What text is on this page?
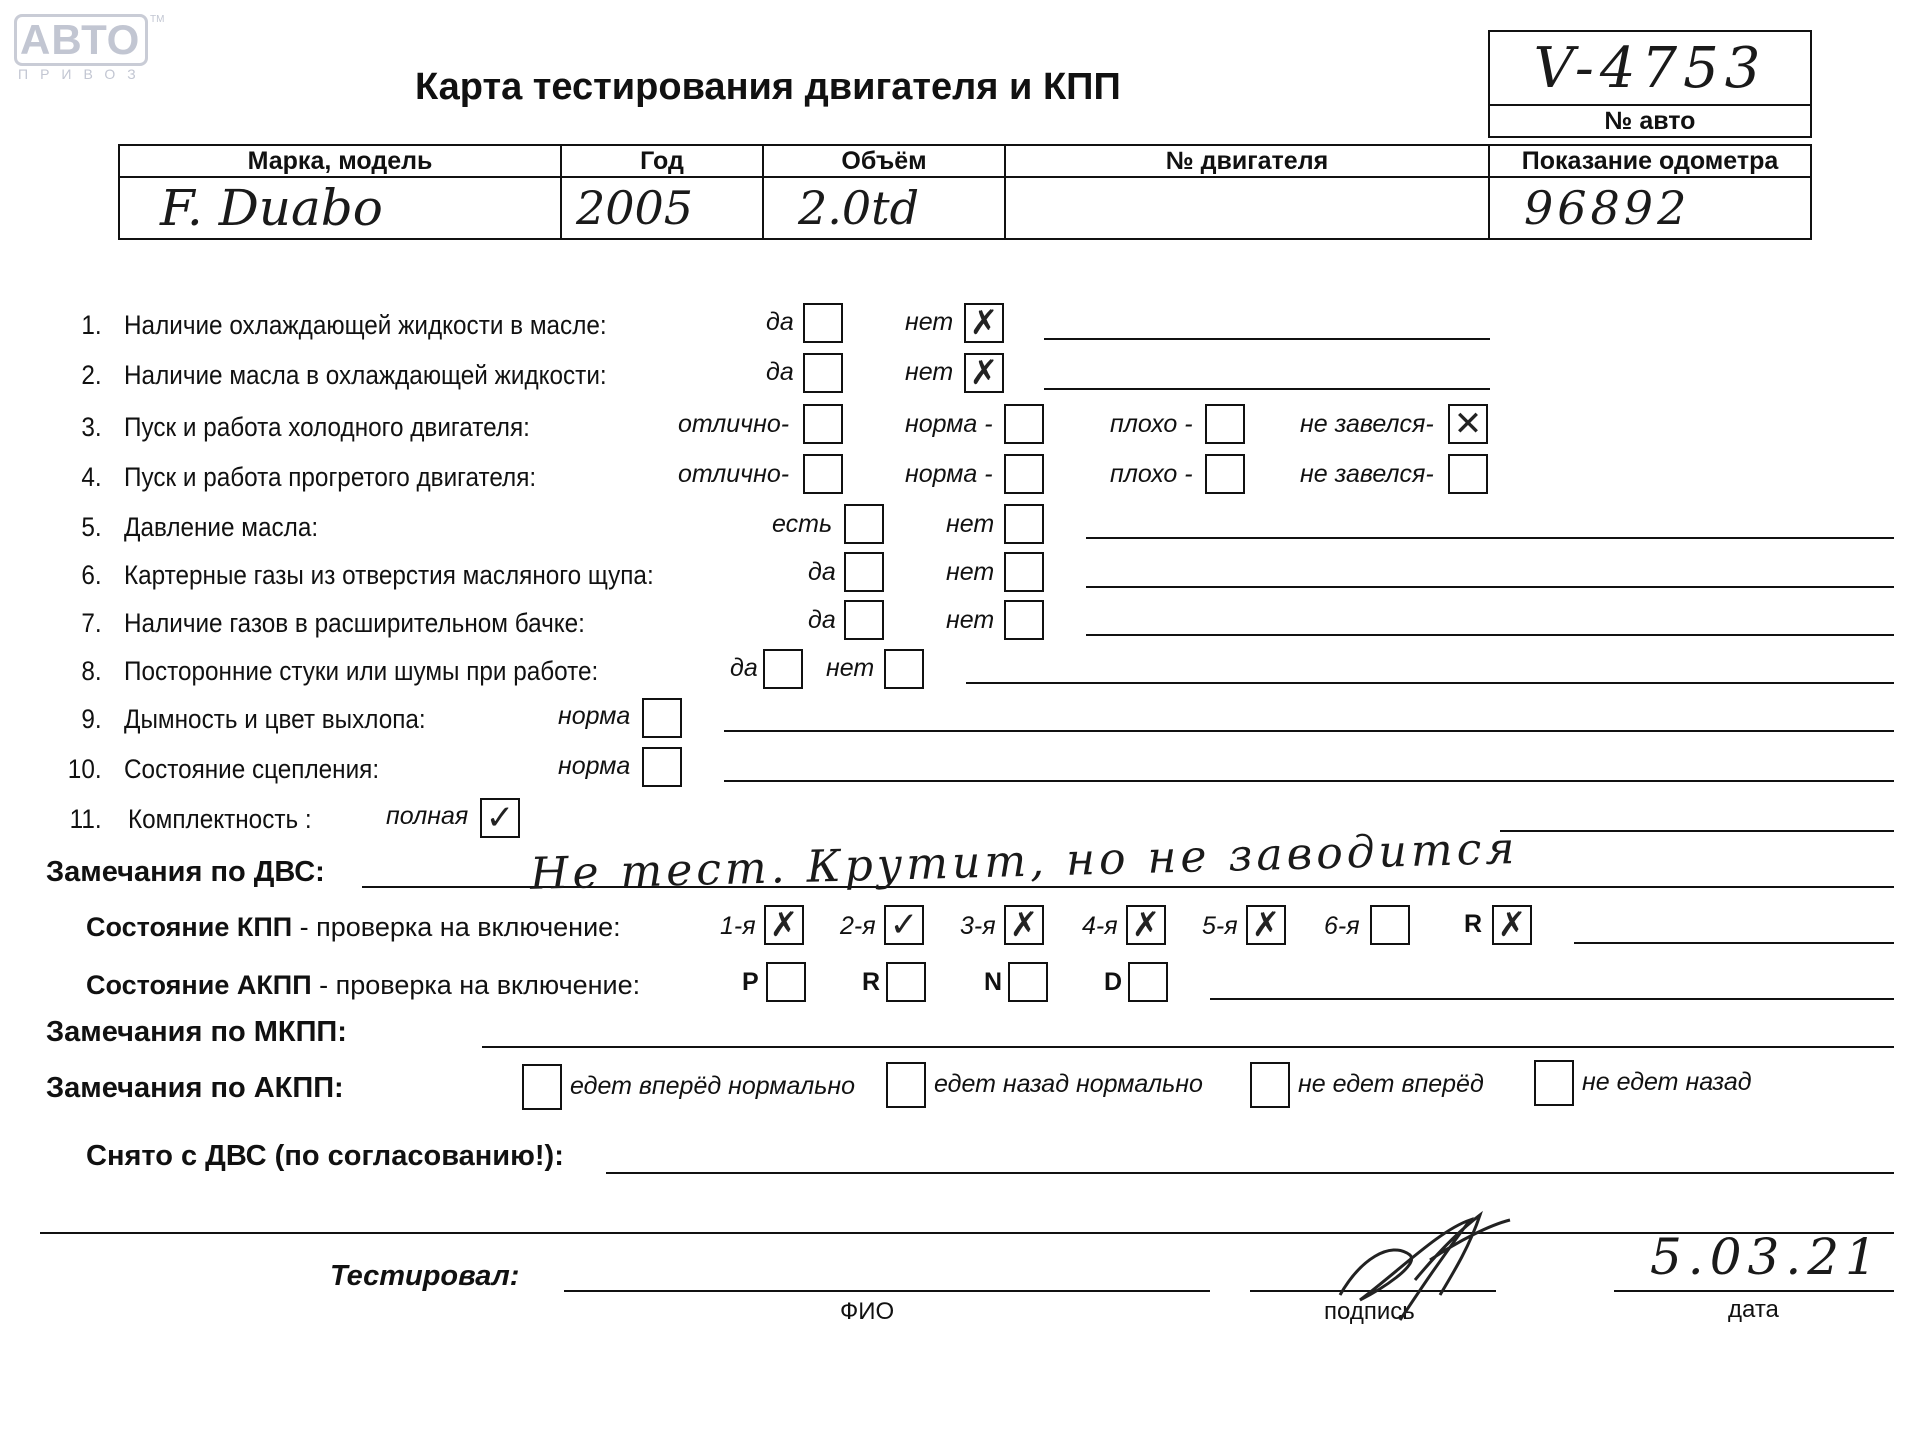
АВТО TM
ПРИВОЗ	Карта тестирования двигателя и КПП	V-4753
№ авто
Марка, модель	Год	Объём	№ двигателя	Показание одометра
F. Duabo	2005	2.0td		96892
1. Наличие охлаждающей жидкости в масле:	да	нет ✗
2. Наличие масла в охлаждающей жидкости:	да	нет ✗
3. Пуск и работа холодного двигателя:	отлично-	норма -	плохо -	не завелся- ✕
4. Пуск и работа прогретого двигателя:	отлично-	норма -	плохо -	не завелся-
5. Давление масла:	есть	нет
6. Картерные газы из отверстия масляного щупа:	да	нет
7. Наличие газов в расширительном бачке:	да	нет
8. Посторонние стуки или шумы при работе:	да	нет
9. Дымность и цвет выхлопа:	норма
10. Состояние сцепления:	норма
11. Комплектность :	полная ✓
Замечания по ДВС:	Не тест. Крутит, но не заводится
Состояние КПП - проверка на включение:	1-я ✗ 2-я ✓ 3-я ✗ 4-я ✗ 5-я ✗ 6-я	R ✗
Состояние АКПП - проверка на включение:	P	R	N	D
Замечания по МКПП:
Замечания по АКПП:	едет вперёд нормально	едет назад нормально	не едет вперёд	не едет назад
Снято с ДВС (по согласованию!):
Тестировал:
ФИО	подпись
5.03.21
дата
